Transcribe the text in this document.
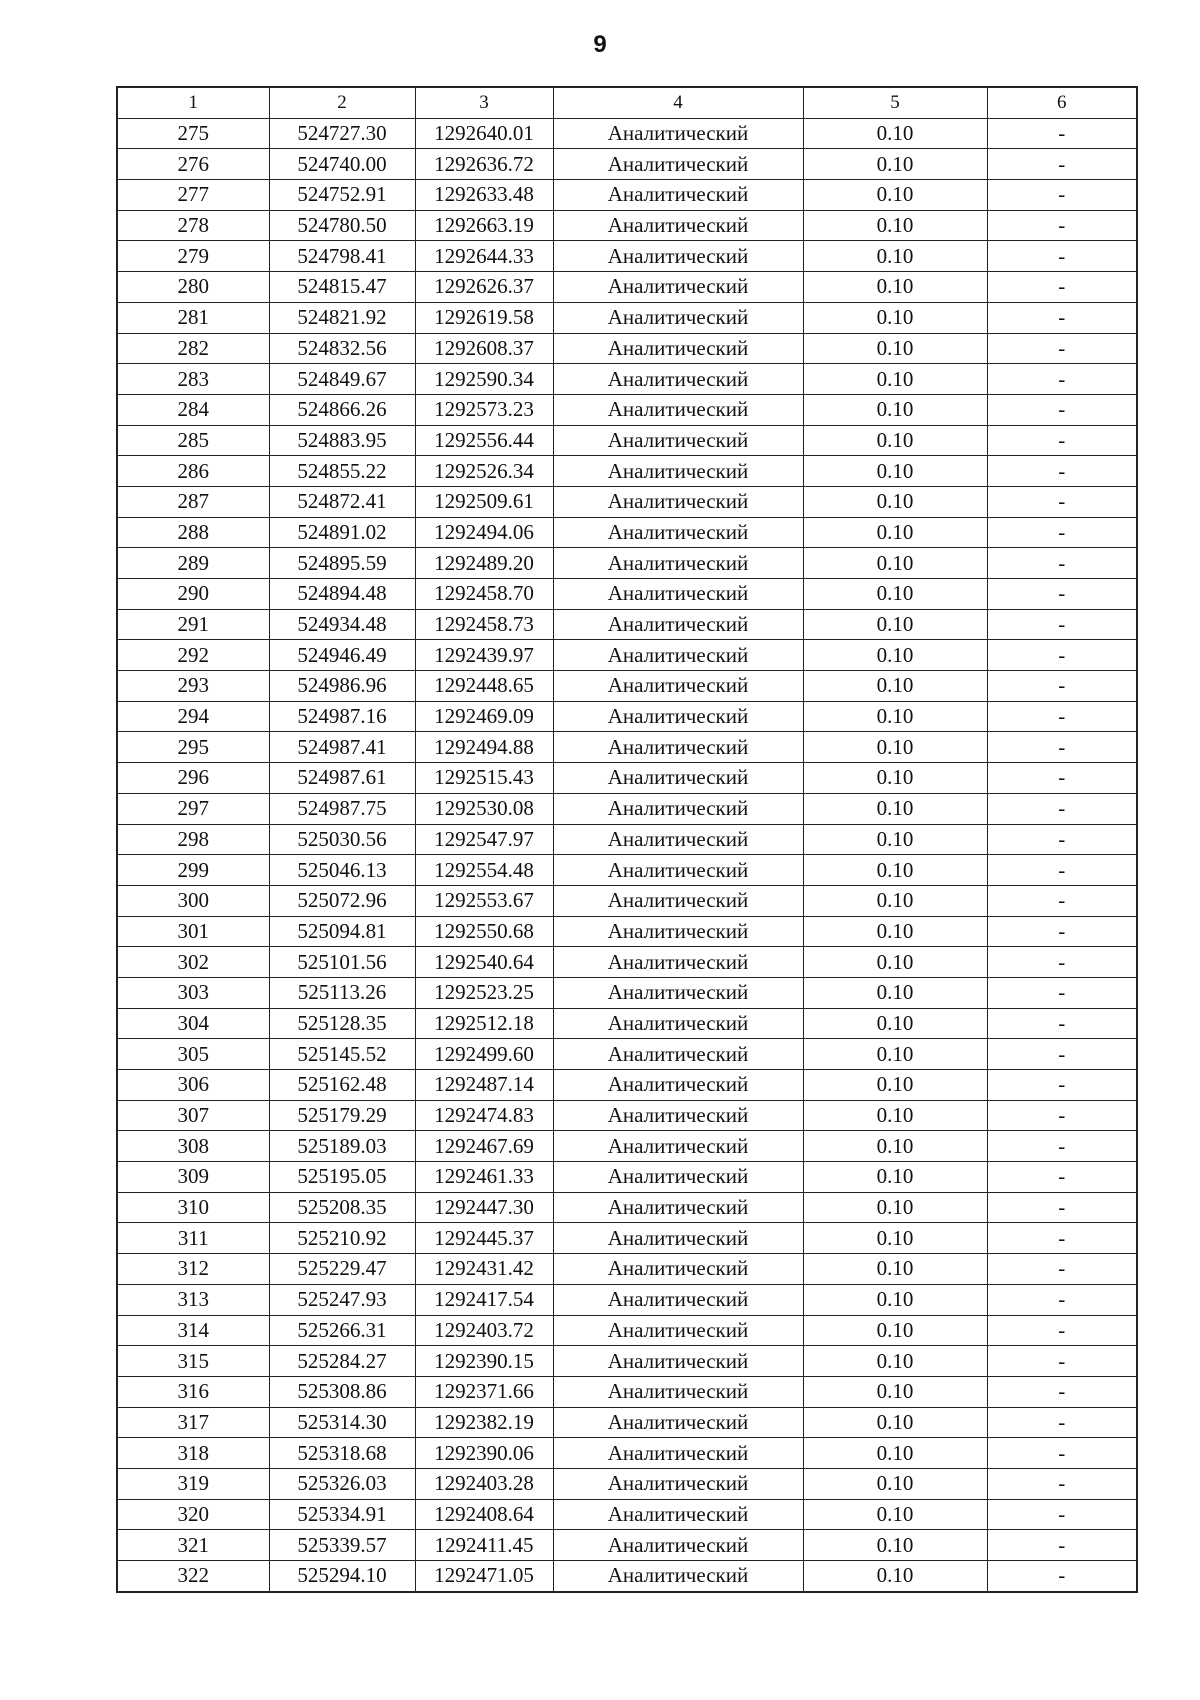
9
1	2	3	4	5	6
275	524727.30	1292640.01	Аналитический	0.10	-
276	524740.00	1292636.72	Аналитический	0.10	-
277	524752.91	1292633.48	Аналитический	0.10	-
278	524780.50	1292663.19	Аналитический	0.10	-
279	524798.41	1292644.33	Аналитический	0.10	-
280	524815.47	1292626.37	Аналитический	0.10	-
281	524821.92	1292619.58	Аналитический	0.10	-
282	524832.56	1292608.37	Аналитический	0.10	-
283	524849.67	1292590.34	Аналитический	0.10	-
284	524866.26	1292573.23	Аналитический	0.10	-
285	524883.95	1292556.44	Аналитический	0.10	-
286	524855.22	1292526.34	Аналитический	0.10	-
287	524872.41	1292509.61	Аналитический	0.10	-
288	524891.02	1292494.06	Аналитический	0.10	-
289	524895.59	1292489.20	Аналитический	0.10	-
290	524894.48	1292458.70	Аналитический	0.10	-
291	524934.48	1292458.73	Аналитический	0.10	-
292	524946.49	1292439.97	Аналитический	0.10	-
293	524986.96	1292448.65	Аналитический	0.10	-
294	524987.16	1292469.09	Аналитический	0.10	-
295	524987.41	1292494.88	Аналитический	0.10	-
296	524987.61	1292515.43	Аналитический	0.10	-
297	524987.75	1292530.08	Аналитический	0.10	-
298	525030.56	1292547.97	Аналитический	0.10	-
299	525046.13	1292554.48	Аналитический	0.10	-
300	525072.96	1292553.67	Аналитический	0.10	-
301	525094.81	1292550.68	Аналитический	0.10	-
302	525101.56	1292540.64	Аналитический	0.10	-
303	525113.26	1292523.25	Аналитический	0.10	-
304	525128.35	1292512.18	Аналитический	0.10	-
305	525145.52	1292499.60	Аналитический	0.10	-
306	525162.48	1292487.14	Аналитический	0.10	-
307	525179.29	1292474.83	Аналитический	0.10	-
308	525189.03	1292467.69	Аналитический	0.10	-
309	525195.05	1292461.33	Аналитический	0.10	-
310	525208.35	1292447.30	Аналитический	0.10	-
311	525210.92	1292445.37	Аналитический	0.10	-
312	525229.47	1292431.42	Аналитический	0.10	-
313	525247.93	1292417.54	Аналитический	0.10	-
314	525266.31	1292403.72	Аналитический	0.10	-
315	525284.27	1292390.15	Аналитический	0.10	-
316	525308.86	1292371.66	Аналитический	0.10	-
317	525314.30	1292382.19	Аналитический	0.10	-
318	525318.68	1292390.06	Аналитический	0.10	-
319	525326.03	1292403.28	Аналитический	0.10	-
320	525334.91	1292408.64	Аналитический	0.10	-
321	525339.57	1292411.45	Аналитический	0.10	-
322	525294.10	1292471.05	Аналитический	0.10	-
